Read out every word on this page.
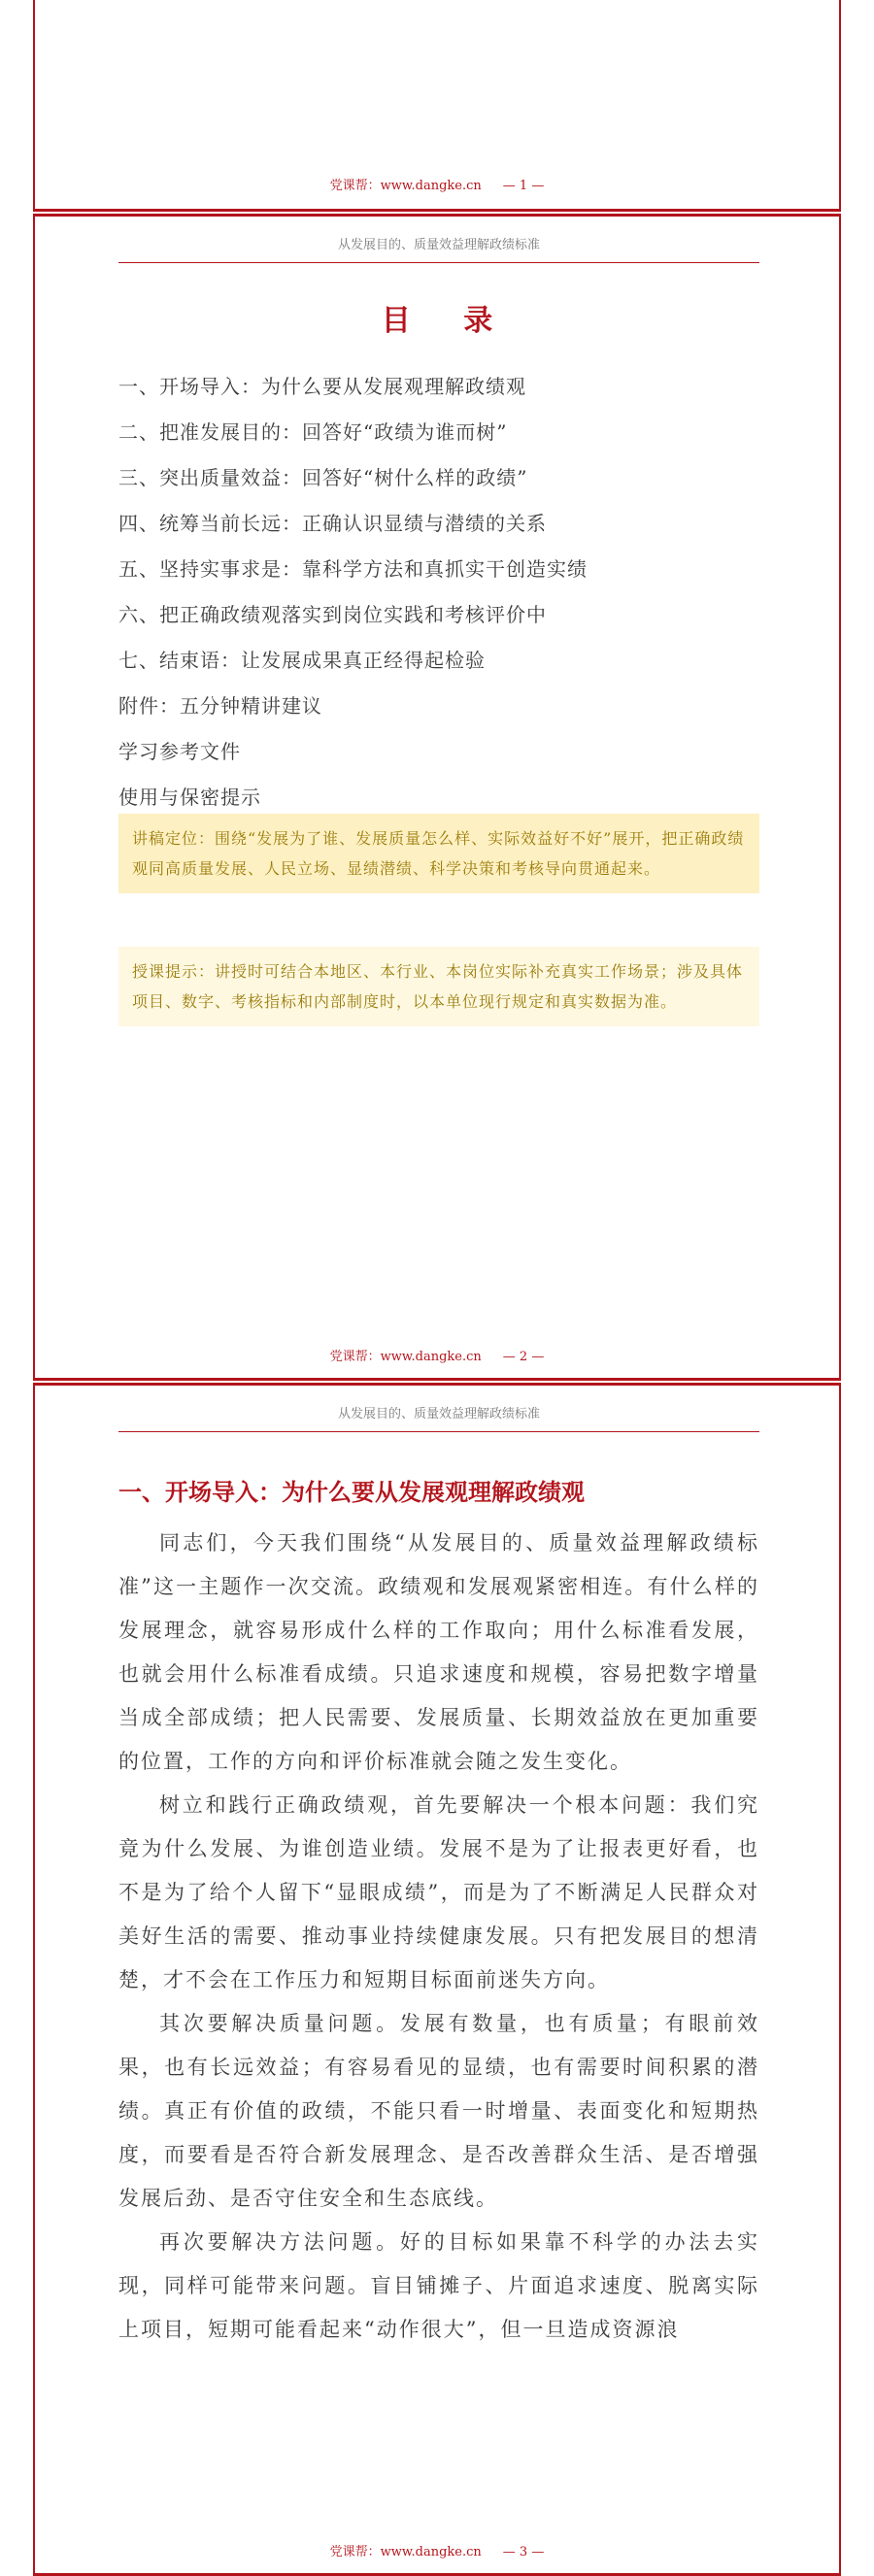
党课帮：www.dangke.cn — 1 —
从发展目的、质量效益理解政绩标准
目 录
一、开场导入：为什么要从发展观理解政绩观
二、把准发展目的：回答好“政绩为谁而树”
三、突出质量效益：回答好“树什么样的政绩”
四、统筹当前长远：正确认识显绩与潜绩的关系
五、坚持实事求是：靠科学方法和真抓实干创造实绩
六、把正确政绩观落实到岗位实践和考核评价中
七、结束语：让发展成果真正经得起检验
附件：五分钟精讲建议
学习参考文件
使用与保密提示
讲稿定位：围绕“发展为了谁、发展质量怎么样、实际效益好不好”展开，把正确政绩观同高质量发展、人民立场、显绩潜绩、科学决策和考核导向贯通起来。
授课提示：讲授时可结合本地区、本行业、本岗位实际补充真实工作场景；涉及具体项目、数字、考核指标和内部制度时，以本单位现行规定和真实数据为准。
党课帮：www.dangke.cn — 2 —
从发展目的、质量效益理解政绩标准
一、开场导入：为什么要从发展观理解政绩观

同志们，今天我们围绕“从发展目的、质量效益理解政绩标准”这一主题作一次交流。政绩观和发展观紧密相连。有什么样的发展理念，就容易形成什么样的工作取向；用什么标准看发展，也就会用什么标准看成绩。只追求速度和规模，容易把数字增量当成全部成绩；把人民需要、发展质量、长期效益放在更加重要的位置，工作的方向和评价标准就会随之发生变化。

树立和践行正确政绩观，首先要解决一个根本问题：我们究竟为什么发展、为谁创造业绩。发展不是为了让报表更好看，也不是为了给个人留下“显眼成绩”，而是为了不断满足人民群众对美好生活的需要、推动事业持续健康发展。只有把发展目的想清楚，才不会在工作压力和短期目标面前迷失方向。

其次要解决质量问题。发展有数量，也有质量；有眼前效果，也有长远效益；有容易看见的显绩，也有需要时间积累的潜绩。真正有价值的政绩，不能只看一时增量、表面变化和短期热度，而要看是否符合新发展理念、是否改善群众生活、是否增强发展后劲、是否守住安全和生态底线。

再次要解决方法问题。好的目标如果靠不科学的办法去实现，同样可能带来问题。盲目铺摊子、片面追求速度、脱离实际上项目，短期可能看起来“动作很大”，但一旦造成资源浪

党课帮：www.dangke.cn — 3 —
